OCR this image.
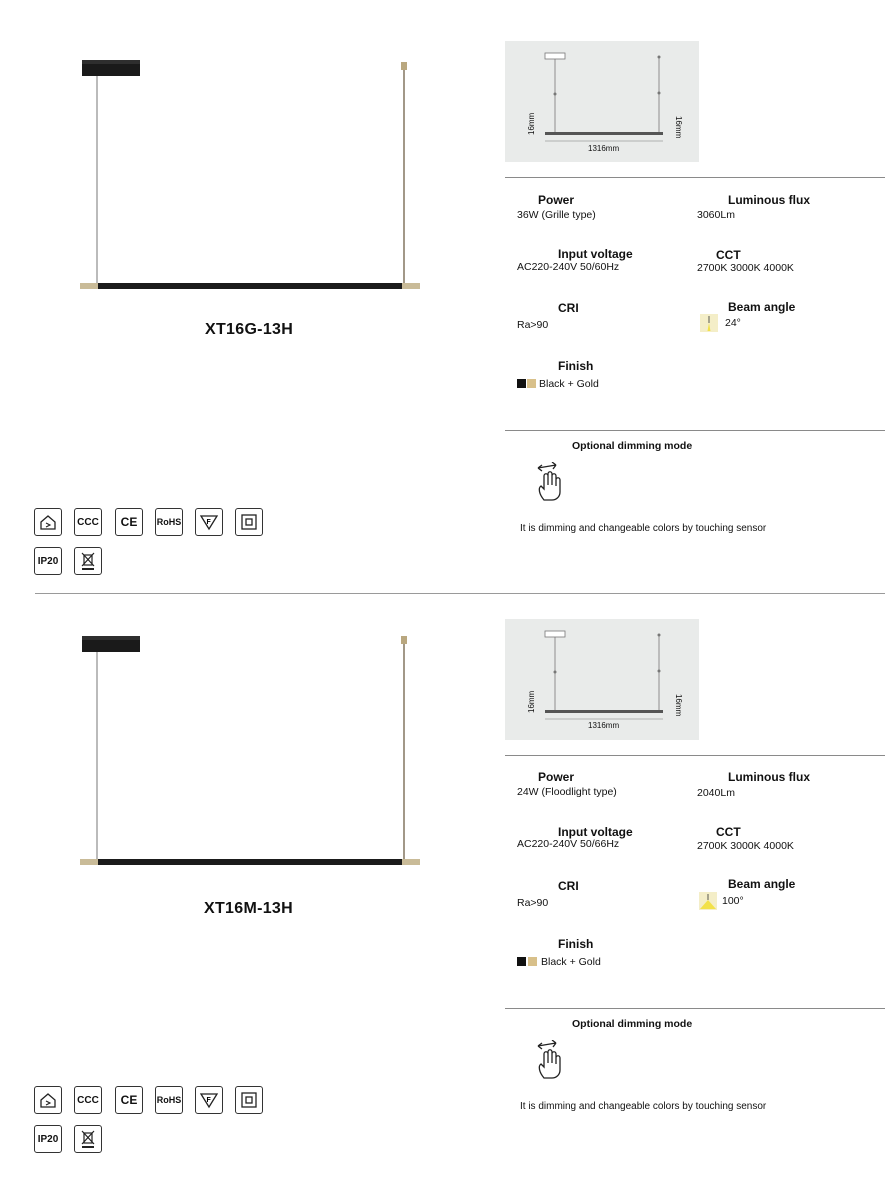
XT16G-13H
16mm	16mm
1316mm
Power
36W (Grille type)
Luminous flux
3060Lm
Input voltage
AC220-240V 50/60Hz
CCT
2700K 3000K 4000K
CRI
Ra>90
Beam angle
24°
Finish
Black + Gold
Optional dimming mode
It is dimming and changeable colors by touching sensor
CCC	CE	RoHS	F
IP20
XT16M-13H
16mm	16mm
1316mm
Power
24W (Floodlight type)
Luminous flux
2040Lm
Input voltage
AC220-240V 50/66Hz
CCT
2700K 3000K 4000K
CRI
Ra>90
Beam angle
100°
Finish
Black + Gold
Optional dimming mode
It is dimming and changeable colors by touching sensor
CCC	CE	RoHS	F
IP20
